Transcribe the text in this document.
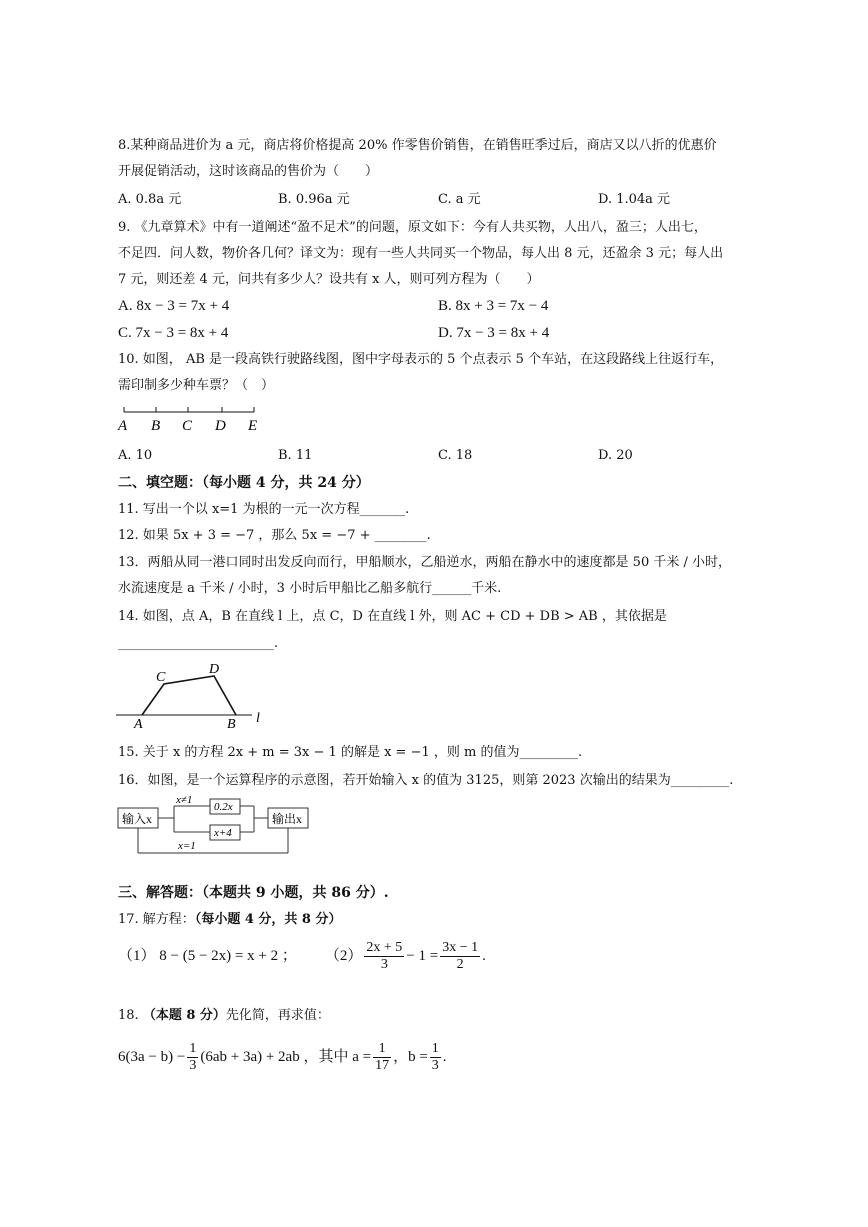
8.某种商品进价为 a 元，商店将价格提高 20% 作零售价销售，在销售旺季过后，商店又以八折的优惠价
开展促销活动，这时该商品的售价为（　　）
A. 0.8a 元	B. 0.96a 元	C. a 元	D. 1.04a 元
9. 《九章算术》中有一道阐述“盈不足术”的问题，原文如下：今有人共买物，人出八，盈三；人出七，
不足四．问人数，物价各几何？译文为：现有一些人共同买一个物品，每人出 8 元，还盈余 3 元；每人出
7 元，则还差 4 元，问共有多少人？设共有 x 人，则可列方程为（　　）
A. 8x − 3 = 7x + 4	B. 8x + 3 = 7x − 4
C. 7x − 3 = 8x + 4	D. 7x − 3 = 8x + 4
10. 如图， AB 是一段高铁行驶路线图，图中字母表示的 5 个点表示 5 个车站，在这段路线上往返行车，
需印制多少种车票？（　）
A B C D E
A. 10	B. 11	C. 18	D. 20
二、填空题：（每小题 4 分，共 24 分）
11. 写出一个以 x=1 为根的一元一次方程_______.
12. 如果 5x + 3 = −7 ，那么 5x = −7 + ________.
13．两船从同一港口同时出发反向而行，甲船顺水，乙船逆水，两船在静水中的速度都是 50 千米 / 小时，
水流速度是 a 千米 / 小时，3 小时后甲船比乙船多航行______千米.
14. 如图，点 A，B 在直线 l 上，点 C，D 在直线 l 外，则 AC + CD + DB > AB ，其依据是
________________________.
C
D
A	B l
15. 关于 x 的方程 2x + m = 3x − 1 的解是 x = −1 ，则 m 的值为_________.
16．如图，是一个运算程序的示意图，若开始输入 x 的值为 3125，则第 2023 次输出的结果为_________.
输入x
x≠1
0.2x
x+4
输出x
x=1
三、解答题：（本题共 9 小题，共 86 分）.
17. 解方程：（每小题 4 分，共 8 分）
（1） 8 − (5 − 2x) = x + 2 ； $(2) \frac{2x + 5}{3} - 1 = \frac{3x - 1}{2}$ .
18. （本题 8 分）先化简，再求值：
$6(3a - b) - \frac{1}{3} (6ab + 3a) + 2ab$ ，其中 $a = \frac{1}{17}$ ，$b = \frac{1}{3}$ .
